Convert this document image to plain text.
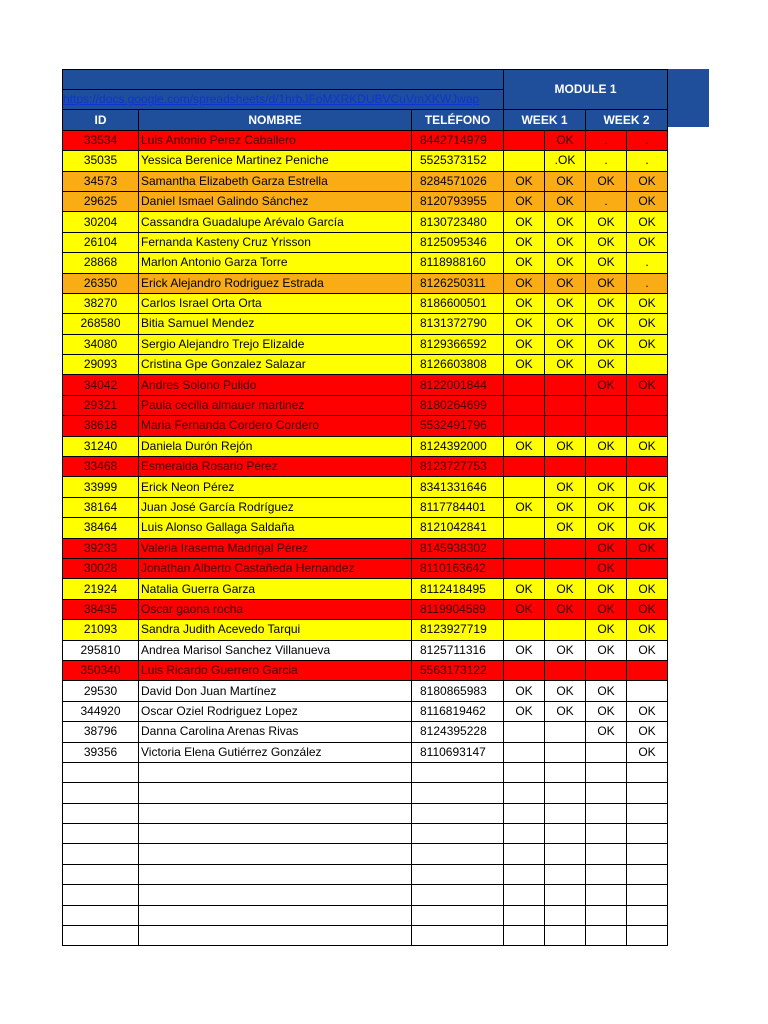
			MODULE 1			
https://docs.google.com/spreadsheets/d/1hrbJFoMXRKDUBVCuVmXKWJwap						
ID	NOMBRE	TELÉFONO	WEEK 1		WEEK 2	
33534	Luis Antonio Perez Caballero	8442714979		OK	.	.
35035	Yessica Berenice Martinez Peniche	5525373152		.OK	.	.
34573	Samantha Elizabeth Garza Estrella	8284571026	OK	OK	OK	OK
29625	Daniel Ismael Galindo Sánchez	8120793955	OK	OK	.	OK
30204	Cassandra Guadalupe Arévalo García	8130723480	OK	OK	OK	OK
26104	Fernanda Kasteny Cruz Yrisson	8125095346	OK	OK	OK	OK
28868	Marlon Antonio Garza Torre	8118988160	OK	OK	OK	.
26350	Erick Alejandro Rodriguez Estrada	8126250311	OK	OK	OK	.
38270	Carlos Israel Orta Orta	8186600501	OK	OK	OK	OK
268580	Bitia Samuel Mendez	8131372790	OK	OK	OK	OK
34080	Sergio Alejandro Trejo Elizalde	8129366592	OK	OK	OK	OK
29093	Cristina Gpe Gonzalez Salazar	8126603808	OK	OK	OK	
34042	Andres Solono Pulido	8122001844			OK	OK
29321	Paula cecilia almauer martinez	8180264699				
38618	Maria Fernanda Cordero Cordero	5532491796				
31240	Daniela Durón Rejón	8124392000	OK	OK	OK	OK
33468	Esmeralda Rosario Pérez	8123727753				
33999	Erick Neon Pérez	8341331646		OK	OK	OK
38164	Juan José García Rodríguez	8117784401	OK	OK	OK	OK
38464	Luis Alonso Gallaga Saldaña	8121042841		OK	OK	OK
39233	Valeria Irasema Madrigal Pérez	8145938302			OK	OK
30028	Jonathan Alberto Castañeda Hernandez	8110163642			OK	
21924	Natalia Guerra Garza	8112418495	OK	OK	OK	OK
38435	Oscar gaona rocha	8119904589	OK	OK	OK	OK
21093	Sandra Judith Acevedo Tarqui	8123927719			OK	OK
295810	Andrea Marisol Sanchez Villanueva	8125711316	OK	OK	OK	OK
350340	Luis Ricardo Guerrero Garcia	5563173122				
29530	David Don Juan Martínez	8180865983	OK	OK	OK	
344920	Oscar Oziel Rodriguez Lopez	8116819462	OK	OK	OK	OK
38796	Danna Carolina Arenas Rivas	8124395228			OK	OK
39356	Victoria Elena Gutiérrez González	8110693147				OK
